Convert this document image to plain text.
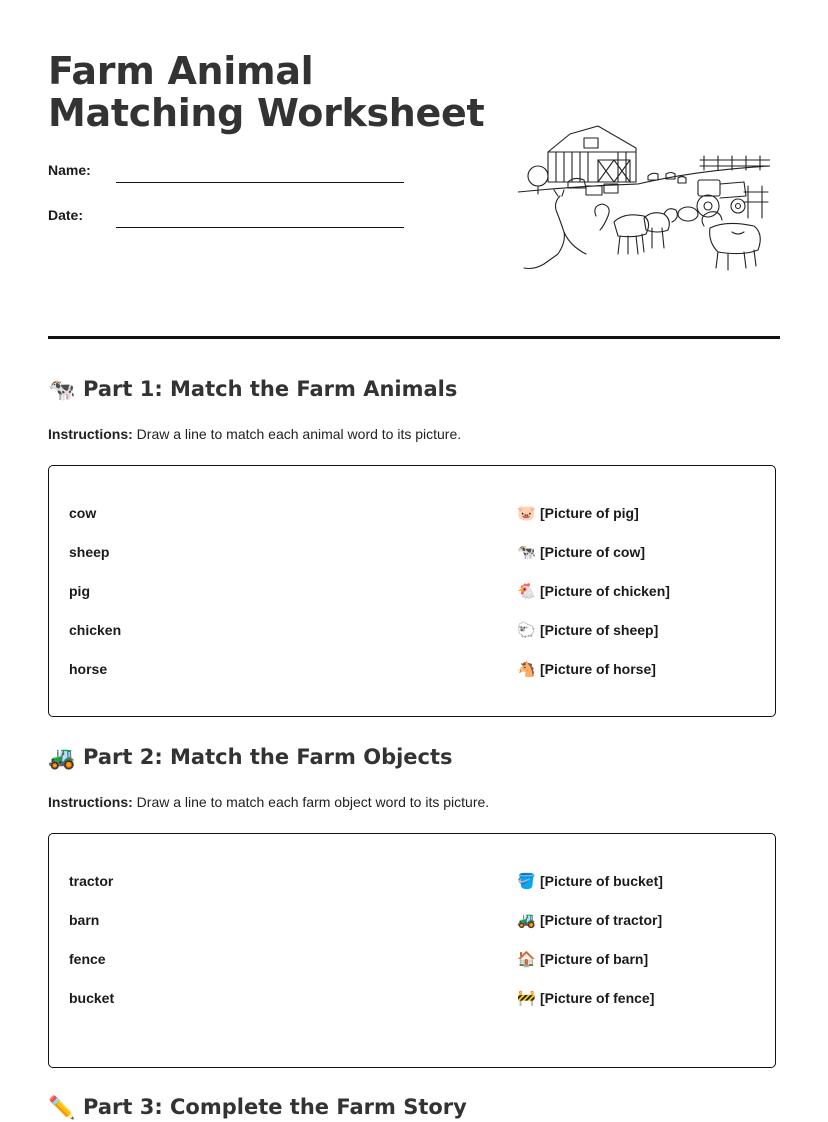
Farm Animal Matching Worksheet
Name:
Date:
🐄 Part 1: Match the Farm Animals
Instructions: Draw a line to match each animal word to its picture.
cow
sheep
pig
chicken
horse
🐷 [Picture of pig]
🐄 [Picture of cow]
🐔 [Picture of chicken]
🐑 [Picture of sheep]
🐴 [Picture of horse]
🚜 Part 2: Match the Farm Objects
Instructions: Draw a line to match each farm object word to its picture.
tractor
barn
fence
bucket
🪣 [Picture of bucket]
🚜 [Picture of tractor]
🏠 [Picture of barn]
🚧 [Picture of fence]
✏️ Part 3: Complete the Farm Story
